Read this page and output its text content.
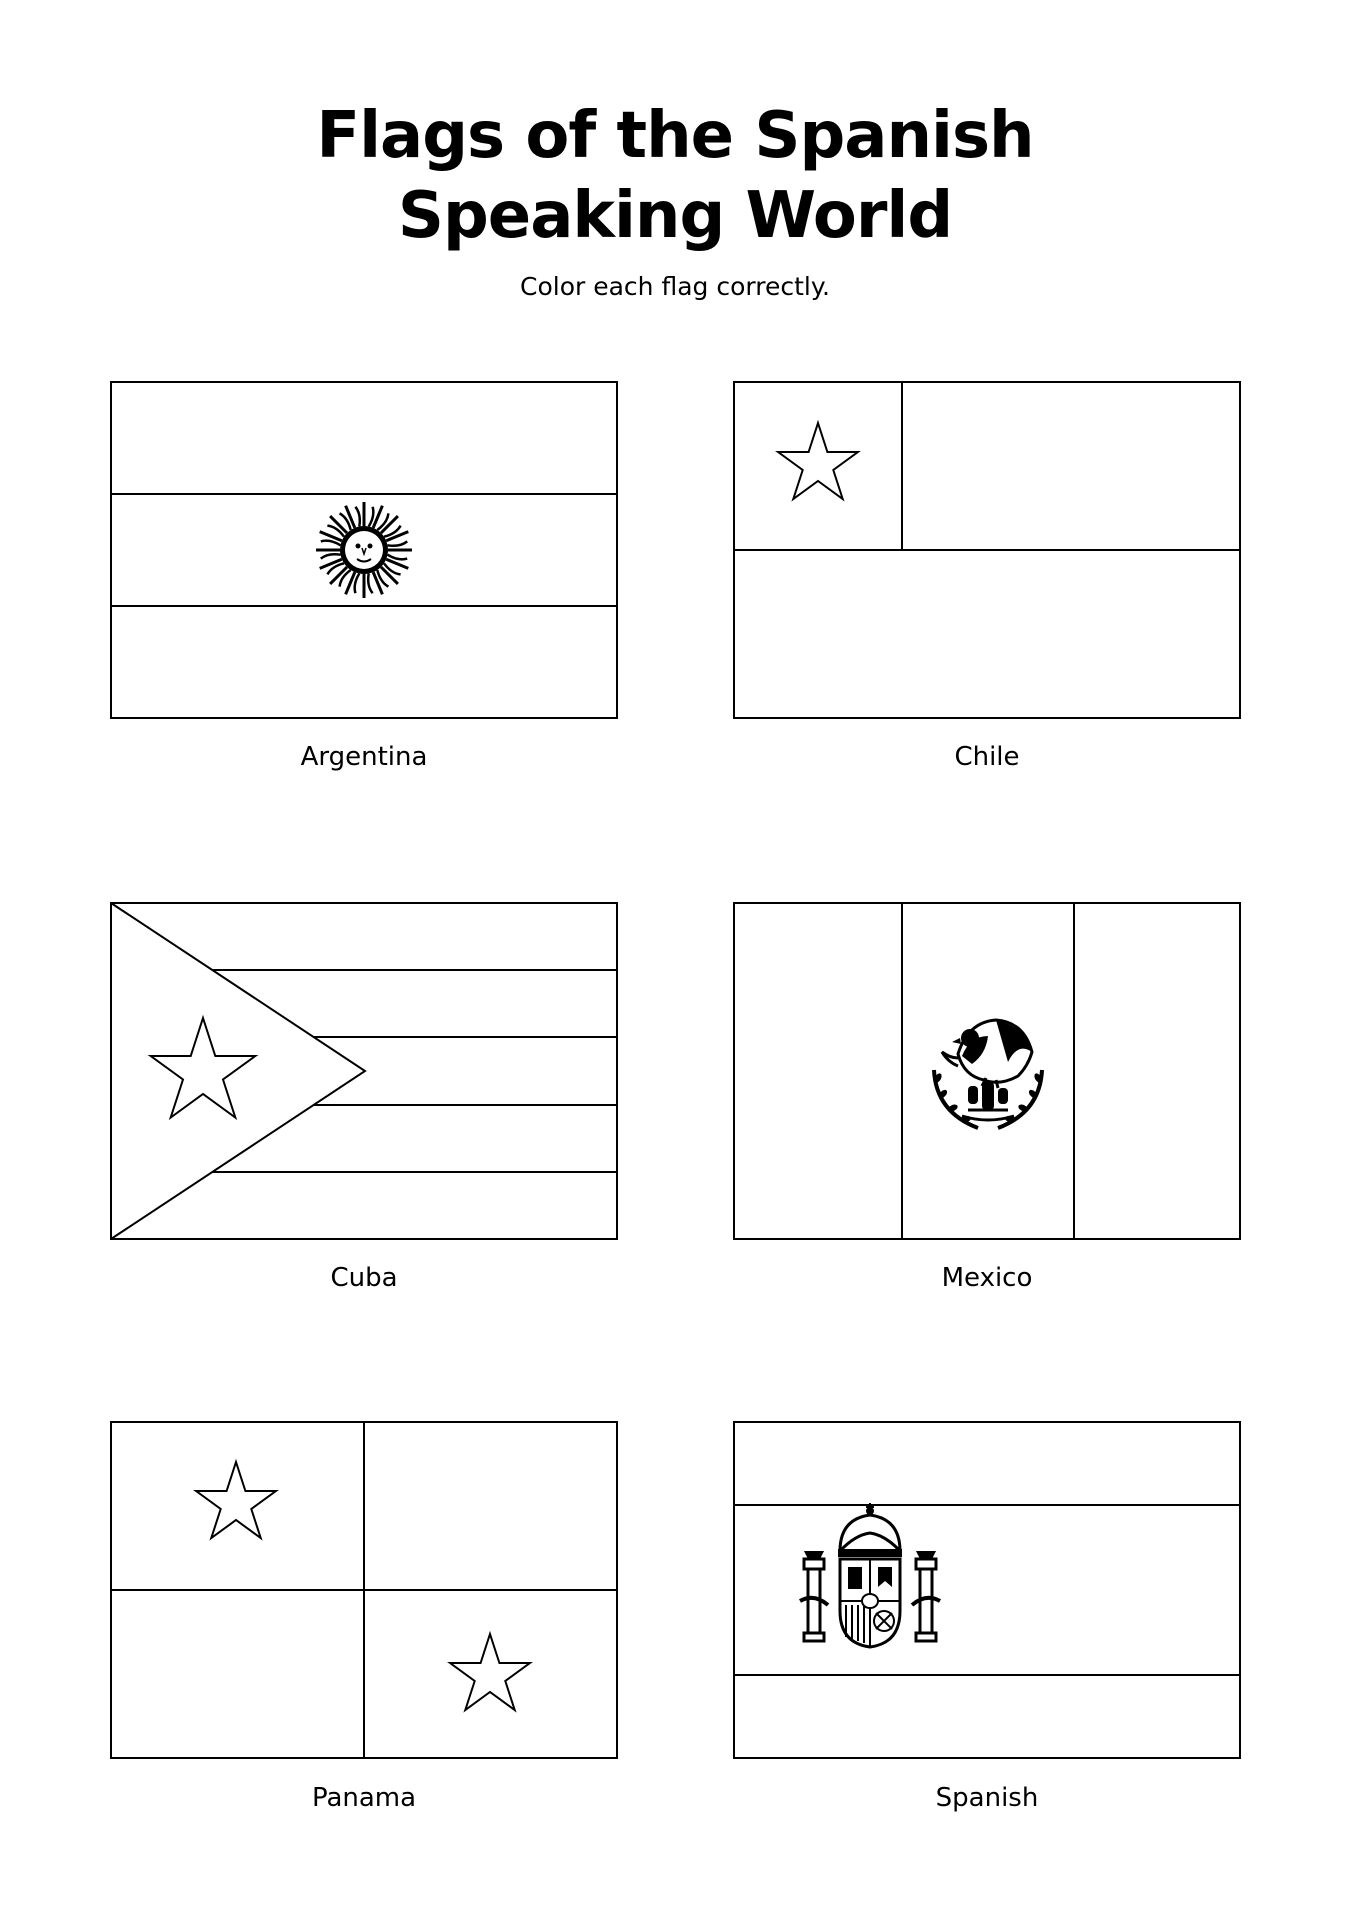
Flags of the Spanish
Speaking World
Color each flag correctly.
Argentina	Chile
Cuba	Mexico
Panama	Spanish
